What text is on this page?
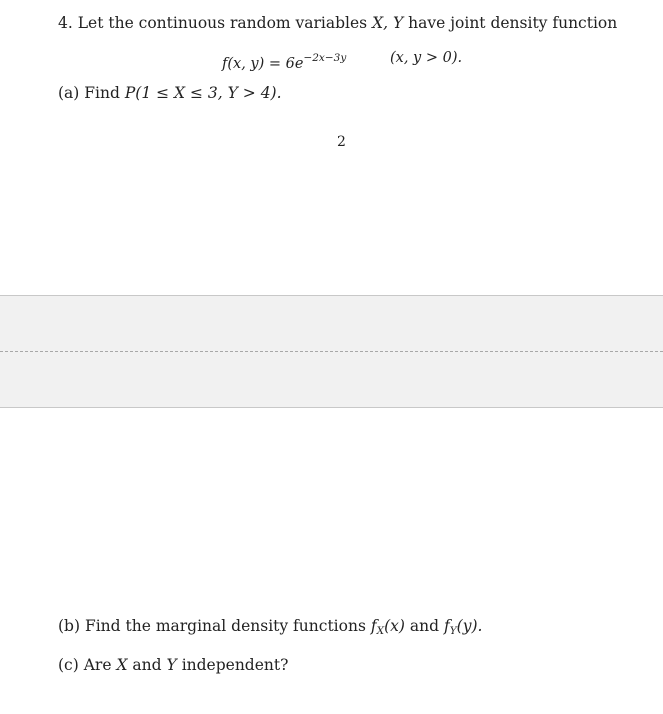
4. Let the continuous random variables X, Y have joint density function
f(x, $y) = 6e^{-2x-3y}$	(x, y > 0).
(a) Find P(1 ≤ X ≤ 3, Y > 4).
2
(b) Find the marginal density functions $f_X(x)$ and $f_Y(y)$.
(c) Are X and Y independent?
